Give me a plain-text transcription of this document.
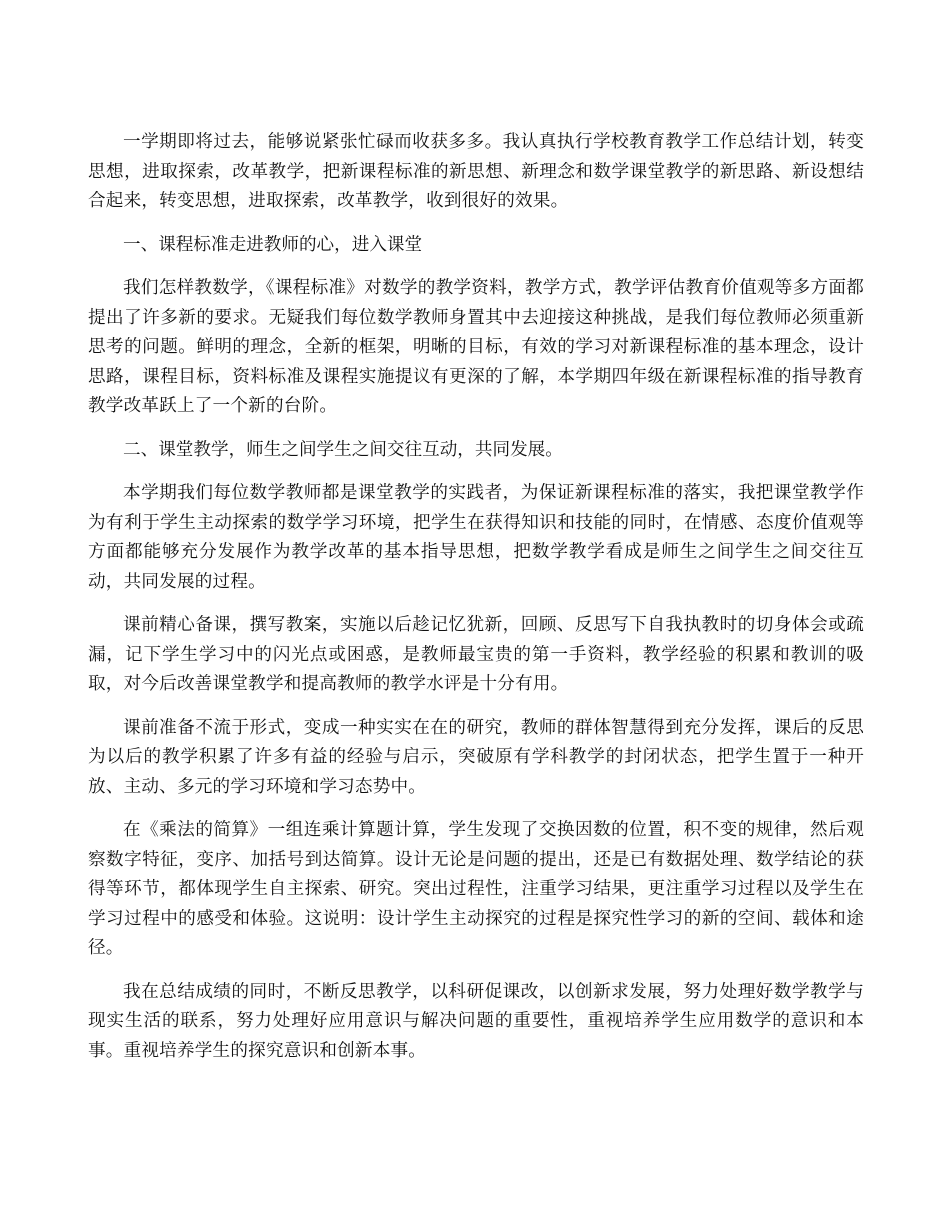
一学期即将过去，能够说紧张忙碌而收获多多。我认真执行学校教育教学工作总结计划，转变思想，进取探索，改革教学，把新课程标准的新思想、新理念和数学课堂教学的新思路、新设想结合起来，转变思想，进取探索，改革教学，收到很好的效果。

一、课程标准走进教师的心，进入课堂

我们怎样教数学，《课程标准》对数学的教学资料，教学方式，教学评估教育价值观等多方面都提出了许多新的要求。无疑我们每位数学教师身置其中去迎接这种挑战，是我们每位教师必须重新思考的问题。鲜明的理念，全新的框架，明晰的目标，有效的学习对新课程标准的基本理念，设计思路，课程目标，资料标准及课程实施提议有更深的了解，本学期四年级在新课程标准的指导教育教学改革跃上了一个新的台阶。

二、课堂教学，师生之间学生之间交往互动，共同发展。

本学期我们每位数学教师都是课堂教学的实践者，为保证新课程标准的落实，我把课堂教学作为有利于学生主动探索的数学学习环境，把学生在获得知识和技能的同时，在情感、态度价值观等方面都能够充分发展作为教学改革的基本指导思想，把数学教学看成是师生之间学生之间交往互动，共同发展的过程。

课前精心备课，撰写教案，实施以后趁记忆犹新，回顾、反思写下自我执教时的切身体会或疏漏，记下学生学习中的闪光点或困惑，是教师最宝贵的第一手资料，教学经验的积累和教训的吸取，对今后改善课堂教学和提高教师的教学水评是十分有用。

课前准备不流于形式，变成一种实实在在的研究，教师的群体智慧得到充分发挥，课后的反思为以后的教学积累了许多有益的经验与启示，突破原有学科教学的封闭状态，把学生置于一种开放、主动、多元的学习环境和学习态势中。

在《乘法的简算》一组连乘计算题计算，学生发现了交换因数的位置，积不变的规律，然后观察数字特征，变序、加括号到达简算。设计无论是问题的提出，还是已有数据处理、数学结论的获得等环节，都体现学生自主探索、研究。突出过程性，注重学习结果，更注重学习过程以及学生在学习过程中的感受和体验。这说明：设计学生主动探究的过程是探究性学习的新的空间、载体和途径。

我在总结成绩的同时，不断反思教学，以科研促课改，以创新求发展，努力处理好数学教学与现实生活的联系，努力处理好应用意识与解决问题的重要性，重视培养学生应用数学的意识和本事。重视培养学生的探究意识和创新本事。
